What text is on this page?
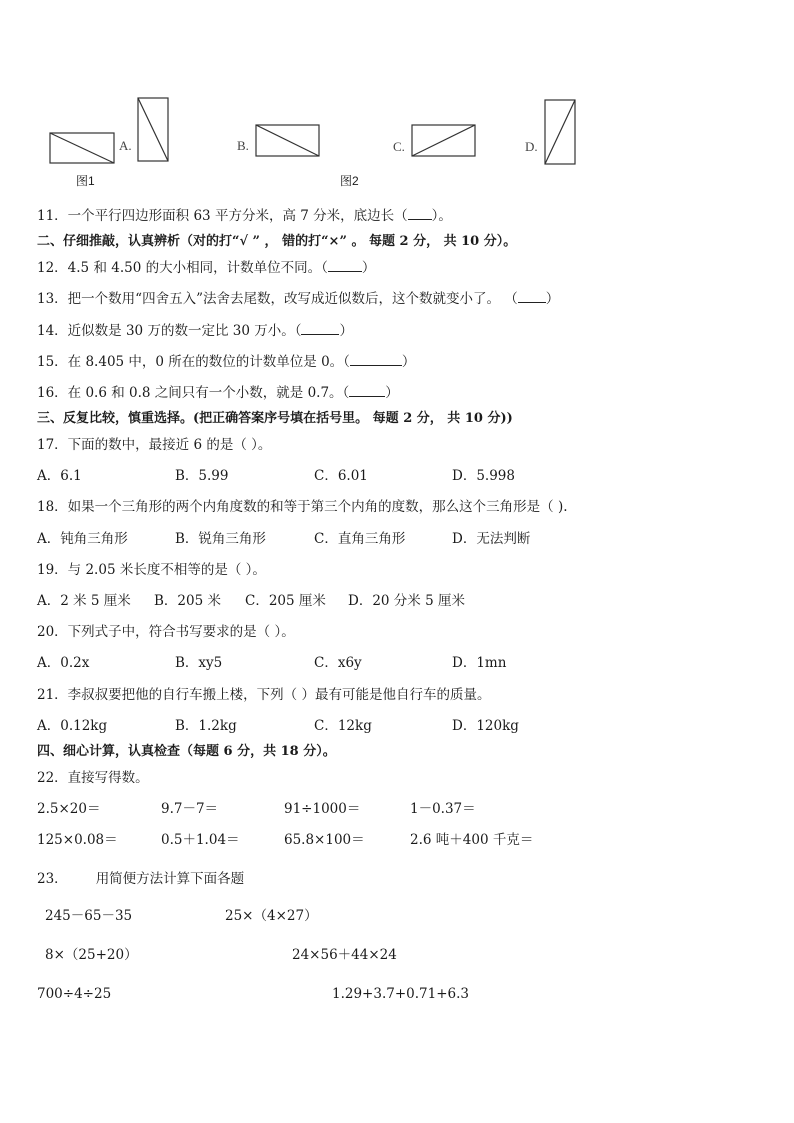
A.	B.	C.	D.
图1	图2
11．一个平行四边形面积 63 平方分米，高 7 分米，底边长（ ）。
二、仔细推敲，认真辨析（对的打“√ ” ， 错的打“×” 。 每题 2 分， 共 10 分）。
12．4.5 和 4.50 的大小相同，计数单位不同。（	）
13．把一个数用“四舍五入”法舍去尾数，改写成近似数后，这个数就变小了。 （ ）
14．近似数是 30 万的数一定比 30 万小。（	）
15．在 8.405 中，0 所在的数位的计数单位是 0。（	）
16．在 0.6 和 0.8 之间只有一个小数，就是 0.7。（	）
三、反复比较，慎重选择。(把正确答案序号填在括号里。 每题 2 分， 共 10 分))
17．下面的数中，最接近 6 的是（ ）。
A．6.1	B．5.99	C．6.01	D．5.998
18．如果一个三角形的两个内角度数的和等于第三个内角的度数，那么这个三角形是（ ).
A．钝角三角形	B．锐角三角形	C．直角三角形	D．无法判断
19．与 2.05 米长度不相等的是（ ）。
A．2 米 5 厘米 B．205 米 C．205 厘米 D．20 分米 5 厘米
20．下列式子中，符合书写要求的是（ ）。
A．0.2x	B．xy5	C．x6y	D．1mn
21．李叔叔要把他的自行车搬上楼，下列（ ）最有可能是他自行车的质量。
A．0.12kg	B．1.2kg	C．12kg	D．120kg
四、细心计算，认真检查（每题 6 分，共 18 分）。
22．直接写得数。
2.5×20＝	9.7－7＝	91÷1000＝	1－0.37＝
125×0.08＝	0.5＋1.04＝	65.8×100＝	2.6 吨＋400 千克＝
23． 用简便方法计算下面各题
245－65－35	25×（4×27）
8×（25+20）	24×56＋44×24
700÷4÷25	1.29+3.7+0.71+6.3
